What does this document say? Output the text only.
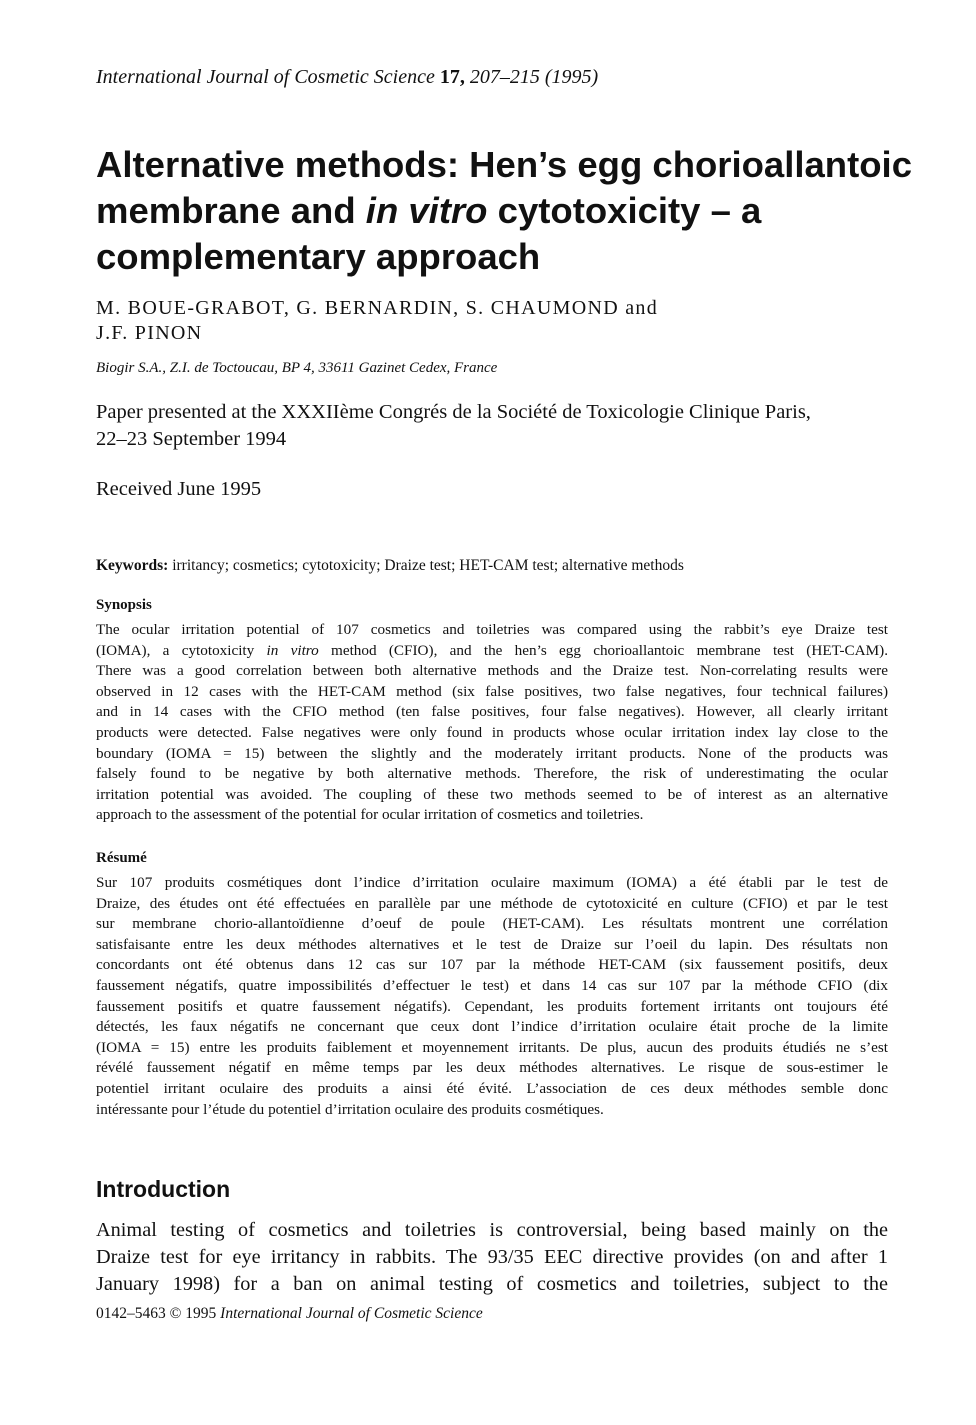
International Journal of Cosmetic Science 17, 207–215 (1995)
Alternative methods: Hen’s egg chorioallantoic
membrane and in vitro cytotoxicity – a
complementary approach
M. BOUE-GRABOT, G. BERNARDIN, S. CHAUMOND and
J.F. PINON
Biogir S.A., Z.I. de Toctoucau, BP 4, 33611 Gazinet Cedex, France
Paper presented at the XXXIIème Congrés de la Société de Toxicologie Clinique Paris,
22–23 September 1994
Received June 1995
Keywords: irritancy; cosmetics; cytotoxicity; Draize test; HET-CAM test; alternative methods
Synopsis
The ocular irritation potential of 107 cosmetics and toiletries was compared using the rabbit’s eye Draize test
(IOMA), a cytotoxicity in vitro method (CFIO), and the hen’s egg chorioallantoic membrane test (HET-CAM).
There was a good correlation between both alternative methods and the Draize test. Non-correlating results were
observed in 12 cases with the HET-CAM method (six false positives, two false negatives, four technical failures)
and in 14 cases with the CFIO method (ten false positives, four false negatives). However, all clearly irritant
products were detected. False negatives were only found in products whose ocular irritation index lay close to the
boundary (IOMA = 15) between the slightly and the moderately irritant products. None of the products was
falsely found to be negative by both alternative methods. Therefore, the risk of underestimating the ocular
irritation potential was avoided. The coupling of these two methods seemed to be of interest as an alternative
approach to the assessment of the potential for ocular irritation of cosmetics and toiletries.
Résumé
Sur 107 produits cosmétiques dont l’indice d’irritation oculaire maximum (IOMA) a été établi par le test de
Draize, des études ont été effectuées en parallèle par une méthode de cytotoxicité en culture (CFIO) et par le test
sur membrane chorio-allantoïdienne d’oeuf de poule (HET-CAM). Les résultats montrent une corrélation
satisfaisante entre les deux méthodes alternatives et le test de Draize sur l’oeil du lapin. Des résultats non
concordants ont été obtenus dans 12 cas sur 107 par la méthode HET-CAM (six faussement positifs, deux
faussement négatifs, quatre impossibilités d’effectuer le test) et dans 14 cas sur 107 par la méthode CFIO (dix
faussement positifs et quatre faussement négatifs). Cependant, les produits fortement irritants ont toujours été
détectés, les faux négatifs ne concernant que ceux dont l’indice d’irritation oculaire était proche de la limite
(IOMA = 15) entre les produits faiblement et moyennement irritants. De plus, aucun des produits étudiés ne s’est
révélé faussement négatif en même temps par les deux méthodes alternatives. Le risque de sous-estimer le
potentiel irritant oculaire des produits a ainsi été évité. L’association de ces deux méthodes semble donc
intéressante pour l’étude du potentiel d’irritation oculaire des produits cosmétiques.
Introduction
Animal testing of cosmetics and toiletries is controversial, being based mainly on the
Draize test for eye irritancy in rabbits. The 93/35 EEC directive provides (on and after 1
January 1998) for a ban on animal testing of cosmetics and toiletries, subject to the
0142–5463 © 1995 International Journal of Cosmetic Science
